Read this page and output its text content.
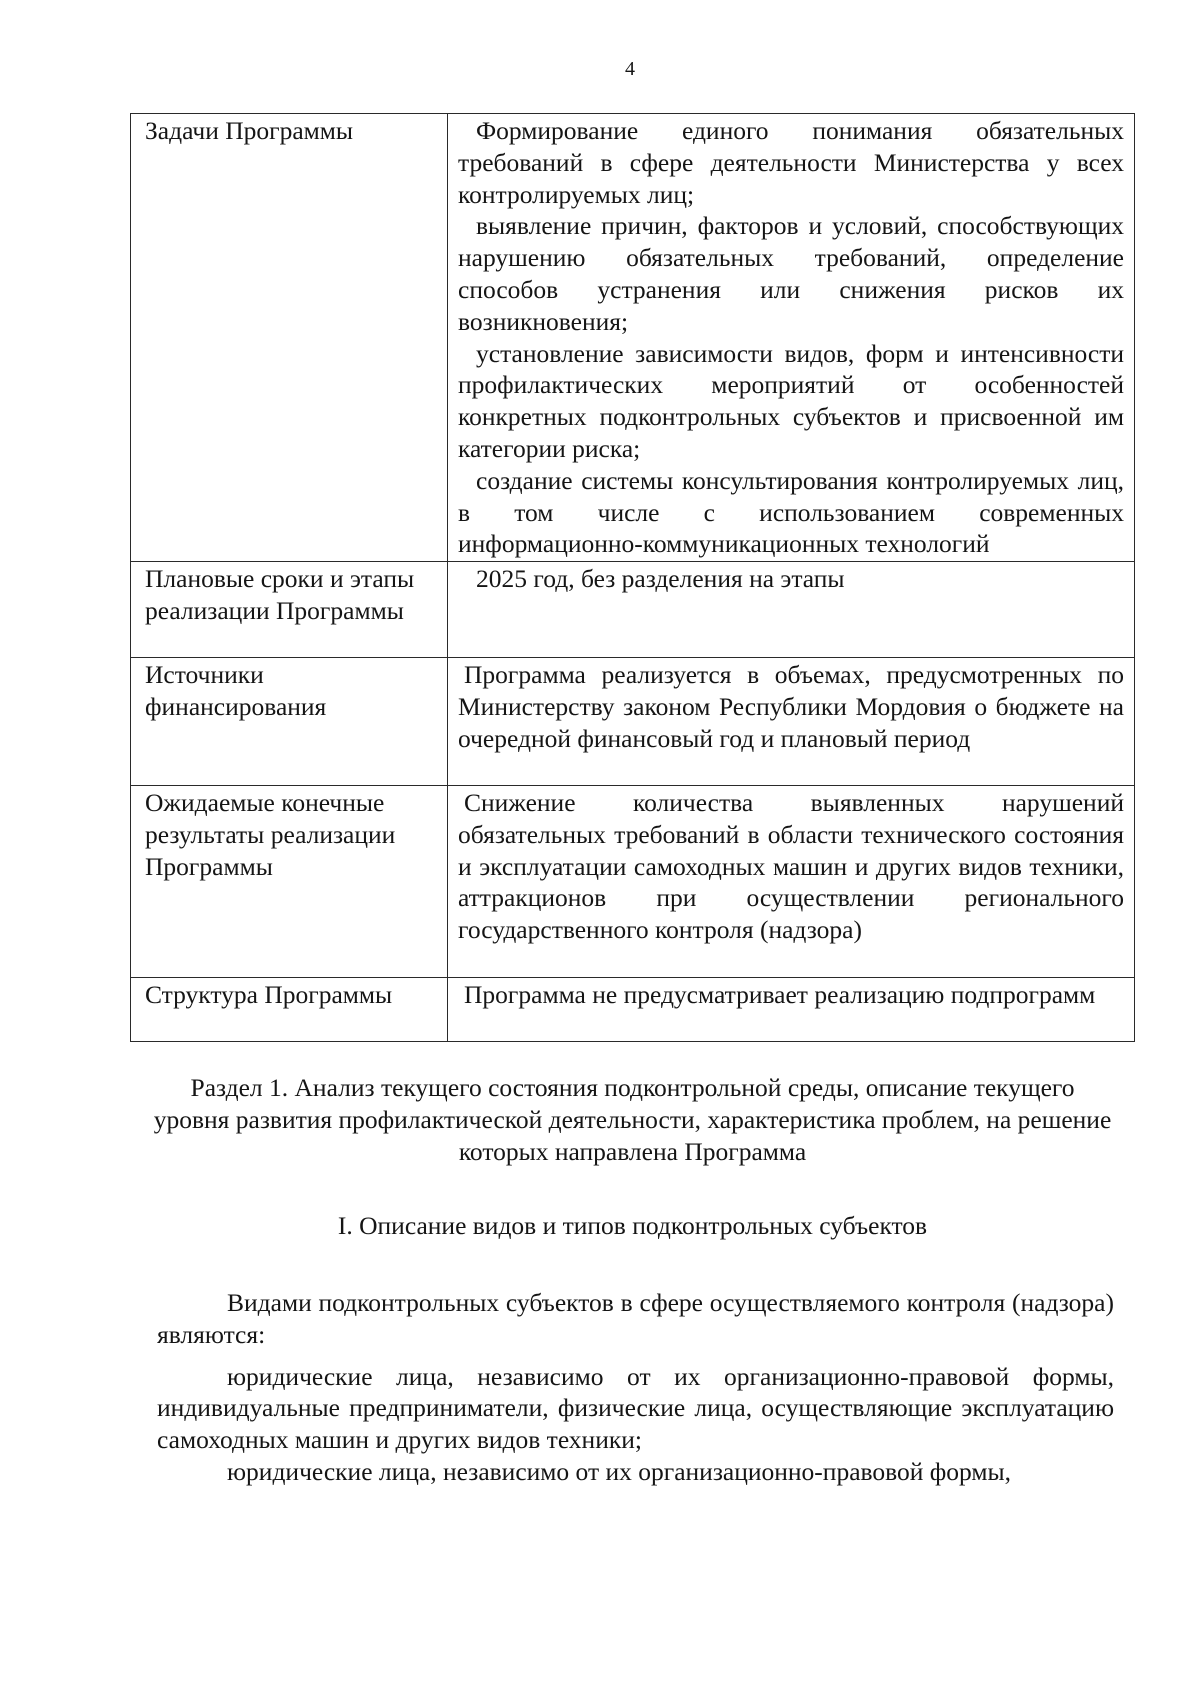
4
Задачи Программы	Формирование единого понимания обязательных требований в сфере деятельности Министерства у всех контролируемых лиц;
выявление причин, факторов и условий, способствующих нарушению обязательных требований, определение способов устранения или снижения рисков их возникновения;
установление зависимости видов, форм и интенсивности профилактических мероприятий от особенностей конкретных подконтрольных субъектов и присвоенной им категории риска;
создание системы консультирования контролируемых лиц, в том числе с использованием современных информационно-коммуникационных технологий

Плановые сроки и этапы реализации Программы	2025 год, без разделения на этапы

Источники финансирования	Программа реализуется в объемах, предусмотренных по Министерству законом Республики Мордовия о бюджете на очередной финансовый год и плановый период

Ожидаемые конечные результаты реализации Программы	Снижение количества выявленных нарушений обязательных требований в области технического состояния и эксплуатации самоходных машин и других видов техники, аттракционов при осуществлении регионального государственного контроля (надзора)

Структура Программы	Программа не предусматривает реализацию подпрограмм
Раздел 1. Анализ текущего состояния подконтрольной среды, описание текущего уровня развития профилактической деятельности, характеристика проблем, на решение которых направлена Программа
I. Описание видов и типов подконтрольных субъектов

Видами подконтрольных субъектов в сфере осуществляемого контроля (надзора) являются:

юридические лица, независимо от их организационно-правовой формы, индивидуальные предприниматели, физические лица, осуществляющие эксплуатацию самоходных машин и других видов техники;

юридические лица, независимо от их организационно-правовой формы,
